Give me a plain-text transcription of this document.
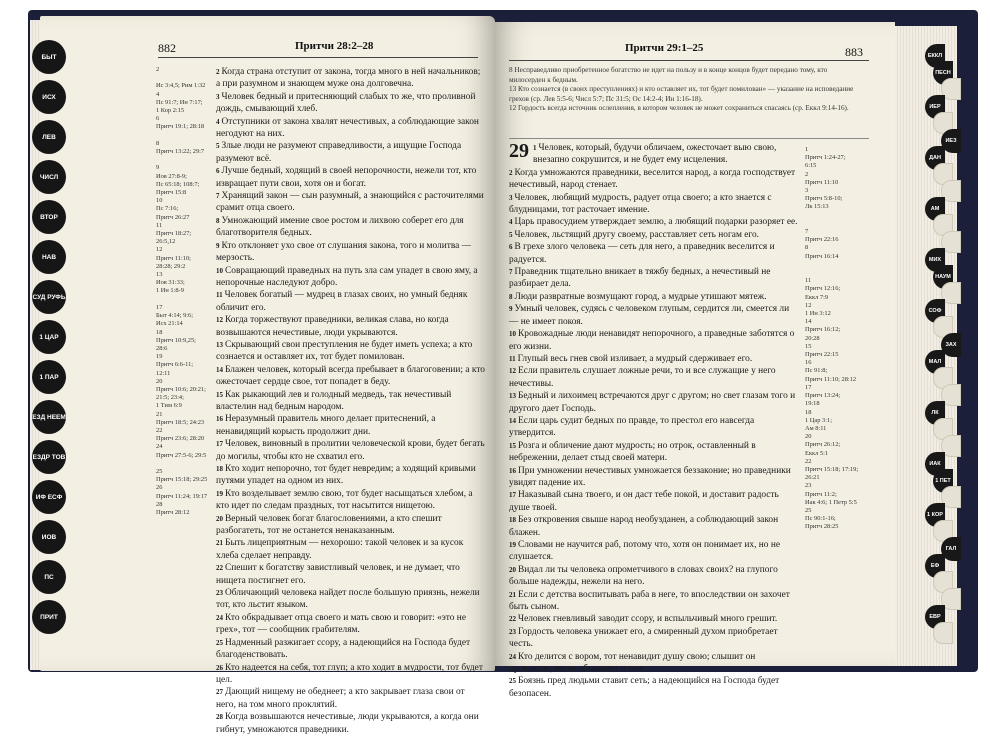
882	Притчи 28:2–28
2

Ис 3:4,5; Рим 1:32
4
Пс 91:7; Ин 7:17;
1 Кор 2:15
6
Притч 19:1; 28:18

8
Притч 13:22; 29:7

9
Иов 27:8-9;
Пс 65:18; 108:7;
Притч 15:8
10
Пс 7:16;
Притч 26:27
11
Притч 18:27;
26:5,12
12
Притч 11:10;
28:28; 29:2
13
Иов 31:33;
1 Ин 1:8-9

17
Быт 4:14; 9:6;
Исх 21:14
18
Притч 10:9,25;
28:6
19
Притч 6:6-11;
12:11
20
Притч 10:6; 20:21;
21:5; 23:4;
1 Тим 6:9
21
Притч 18:5; 24:23
22
Притч 23:6; 28:20
24
Притч 27:5-6; 29:5

25
Притч 15:18; 29:25
26
Притч 11:24; 19:17
28
Притч 28:12

$^2$ Когда страна отступит от закона, тогда много в ней начальников; а при разумном и знающем муже она долговечна.

$^3$ Человек бедный и притесняющий слабых то же, что проливной дождь, смывающий хлеб.

$^4$ Отступники от закона хвалят нечестивых, а соблюдающие закон негодуют на них.

$^5$ Злые люди не разумеют справедливости, а ищущие Господа разумеют всё.

$^6$ Лучше бедный, ходящий в своей непорочности, нежели тот, кто извращает пути свои, хотя он и богат.

$^7$ Хранящий закон — сын разумный, а знающийся с расточителями срамит отца своего.

$^8$ Умножающий имение свое ростом и лихвою соберет его для благотворителя бедных.

$^9$ Кто отклоняет ухо свое от слушания закона, того и молитва — мерзость.

$^{10}$ Совращающий праведных на путь зла сам упадет в свою яму, а непорочные наследуют добро.

$^{11}$ Человек богатый — мудрец в глазах своих, но умный бедняк обличит его.

$^{12}$ Когда торжествуют праведники, великая слава, но когда возвышаются нечестивые, люди укрываются.

$^{13}$ Скрывающий свои преступления не будет иметь успеха; а кто сознается и оставляет их, тот будет помилован.

$^{14}$ Блажен человек, который всегда пребывает в благоговении; а кто ожесточает сердце свое, тот попадет в беду.

$^{15}$ Как рыкающий лев и голодный медведь, так нечестивый властелин над бедным народом.

$^{16}$ Неразумный правитель много делает притеснений, а ненавидящий корысть продолжит дни.

$^{17}$ Человек, виновный в пролитии человеческой крови, будет бегать до могилы, чтобы кто не схватил его.

$^{18}$ Кто ходит непорочно, тот будет невредим; а ходящий кривыми путями упадет на одном из них.

$^{19}$ Кто возделывает землю свою, тот будет насыщаться хлебом, а кто идет по следам праздных, тот насытится нищетою.

$^{20}$ Верный человек богат благословениями, а кто спешит разбогатеть, тот не останется ненаказанным.

$^{21}$ Быть лицеприятным — нехорошо: такой человек и за кусок хлеба сделает неправду.

$^{22}$ Спешит к богатству завистливый человек, и не думает, что нищета постигнет его.

$^{23}$ Обличающий человека найдет после большую приязнь, нежели тот, кто льстит языком.

$^{24}$ Кто обкрадывает отца своего и мать свою и говорит: «это не грех», тот — сообщник грабителям.

$^{25}$ Надменный разжигает ссору, а надеющийся на Господа будет благоденствовать.

$^{26}$ Кто надеется на себя, тот глуп; а кто ходит в мудрости, тот будет цел.

$^{27}$ Дающий нищему не обеднеет; а кто закрывает глаза свои от него, на том много проклятий.

$^{28}$ Когда возвышаются нечестивые, люди укрываются, а когда они гибнут, умножаются праведники.

Притчи 29:1–25	883

8 Несправедливо приобретенное богатство не идет на пользу и в конце концов будет передано тому, кто милосерден к бедным.

13 Кто сознается (в своих преступлениях) и кто оставляет их, тот будет помилован» — указание на исповедание грехов (ср. Лев 5:5-6; Числ 5:7; Пс 31:5; Ос 14:2-4; Ин 1:16-18).

12 Гордость всегда источник ослепления, в котором человек не может сохраниться спасаясь (ср. Еккл 9:14-16).

29 $^1$ Человек, который, будучи обличаем, ожесточает выю свою, внезапно сокрушится, и не будет ему исцеления.

$^2$ Когда умножаются праведники, веселится народ, а когда господствует нечестивый, народ стенает.

$^3$ Человек, любящий мудрость, радует отца своего; а кто знается с блудницами, тот расточает имение.

$^4$ Царь правосудием утверждает землю, а любящий подарки разоряет ее.

$^5$ Человек, льстящий другу своему, расставляет сеть ногам его.

$^6$ В грехе злого человека — сеть для него, а праведник веселится и радуется.

$^7$ Праведник тщательно вникает в тяжбу бедных, а нечестивый не разбирает дела.

$^8$ Люди развратные возмущают город, а мудрые утишают мятеж.

$^9$ Умный человек, судясь с человеком глупым, сердится ли, смеется ли — не имеет покоя.

$^{10}$ Кровожадные люди ненавидят непорочного, а праведные заботятся о его жизни.

$^{11}$ Глупый весь гнев свой изливает, а мудрый сдерживает его.

$^{12}$ Если правитель слушает ложные речи, то и все служащие у него нечестивы.

$^{13}$ Бедный и лихоимец встречаются друг с другом; но свет глазам того и другого дает Господь.

$^{14}$ Если царь судит бедных по правде, то престол его навсегда утвердится.

$^{15}$ Розга и обличение дают мудрость; но отрок, оставленный в небрежении, делает стыд своей матери.

$^{16}$ При умножении нечестивых умножается беззаконие; но праведники увидят падение их.

$^{17}$ Наказывай сына твоего, и он даст тебе покой, и доставит радость душе твоей.

$^{18}$ Без откровения свыше народ необузданен, а соблюдающий закон блажен.

$^{19}$ Словами не научится раб, потому что, хотя он понимает их, но не слушается.

$^{20}$ Видал ли ты человека опрометчивого в словах своих? на глупого больше надежды, нежели на него.

$^{21}$ Если с детства воспитывать раба в неге, то впоследствии он захочет быть сыном.

$^{22}$ Человек гневливый заводит ссору, и вспыльчивый много грешит.

$^{23}$ Гордость человека унижает его, а смиренный духом приобретает честь.

$^{24}$ Кто делится с вором, тот ненавидит душу свою; слышит он проклятие, но не объявляет о том.

$^{25}$ Боязнь пред людьми ставит сеть; а надеющийся на Господа будет безопасен.

1
Притч 1:24-27;
6:15
2
Притч 11:10
3
Притч 5:8-10;
Лк 15:13

7
Притч 22:16
8
Притч 16:14

11
Притч 12:16;
Еккл 7:9
12
1 Ин 3:12
14
Притч 16:12;
20:28
15
Притч 22:15
16
Пс 91:8;
Притч 11:10; 28:12
17
Притч 13:24;
19:18
18
1 Цар 3:1;
Ам 8:11
20
Притч 26:12;
Еккл 5:1
22
Притч 15:18; 17:19;
26:21
23
Притч 11:2;
Иак 4:6; 1 Петр 5:5
25
Пс 90:1-16;
Притч 28:25
БЫТ
ИСХ
ЛЕВ
ЧИСЛ
ВТОР
НАВ
СУД РУФЬ
1 ЦАР
1 ПАР
ЕЗД НЕЕМ
ЕЗДР ТОВ
ИФ ЕСФ
ИОВ
ПС
ПРИТ
ЕККЛ
ПЕСН
ИЕР
ИЕЗ
ДАН
АМ
МИХ
НАУМ
СОФ
ЗАХ
МАЛ
ЛК
ИАК
1 ПЕТ
1 КОР
ГАЛ
ЕФ
ЕВР
